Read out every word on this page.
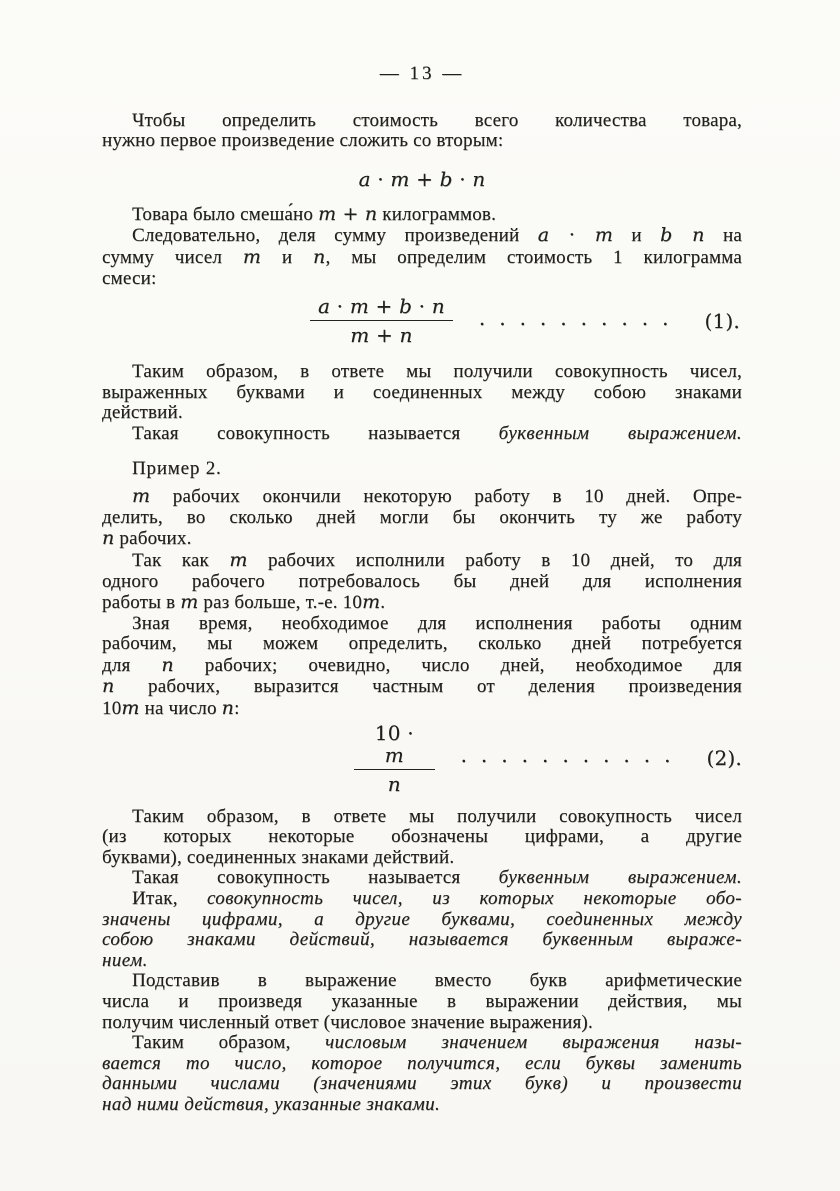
— 13 —
Чтобы определить стоимость всего количества товара,
нужно первое произведение сложить со вторым:
a · m + b · n
Товара было смеша́но m + n килограммов.
Следовательно, деля сумму произведений a · m и b n на
сумму чисел m и n, мы определим стоимость 1 килограмма
смеси:
$\frac{a \cdot m + b \cdot n}{m + n}$ .......... (1).
Таким образом, в ответе мы получили совокупность чисел,
выраженных буквами и соединенных между собою знаками
действий.
Такая совокупность называется буквенным выражением.
Пример 2.
m рабочих окончили некоторую работу в 10 дней. Опре-
делить, во сколько дней могли бы окончить ту же работу
n рабочих.
Так как m рабочих исполнили работу в 10 дней, то для
одного рабочего потребовалось бы дней для исполнения
работы в m раз больше, т.-е. 10m.
Зная время, необходимое для исполнения работы одним
рабочим, мы можем определить, сколько дней потребуется
для n рабочих; очевидно, число дней, необходимое для
n рабочих, выразится частным от деления произведения
10m на число n:
$\frac{10 \cdot m}{n}$ ........... (2).
Таким образом, в ответе мы получили совокупность чисел
(из которых некоторые обозначены цифрами, а другие
буквами), соединенных знаками действий.
Такая совокупность называется буквенным выражением.
Итак, совокупность чисел, из которых некоторые обо-
значены цифрами, а другие буквами, соединенных между
собою знаками действий, называется буквенным выраже-
нием.
Подставив в выражение вместо букв арифметические
числа и произведя указанные в выражении действия, мы
получим численный ответ (числовое значение выражения).
Таким образом, числовым значением выражения назы-
вается то число, которое получится, если буквы заменить
данными числами (значениями этих букв) и произвести
над ними действия, указанные знаками.
